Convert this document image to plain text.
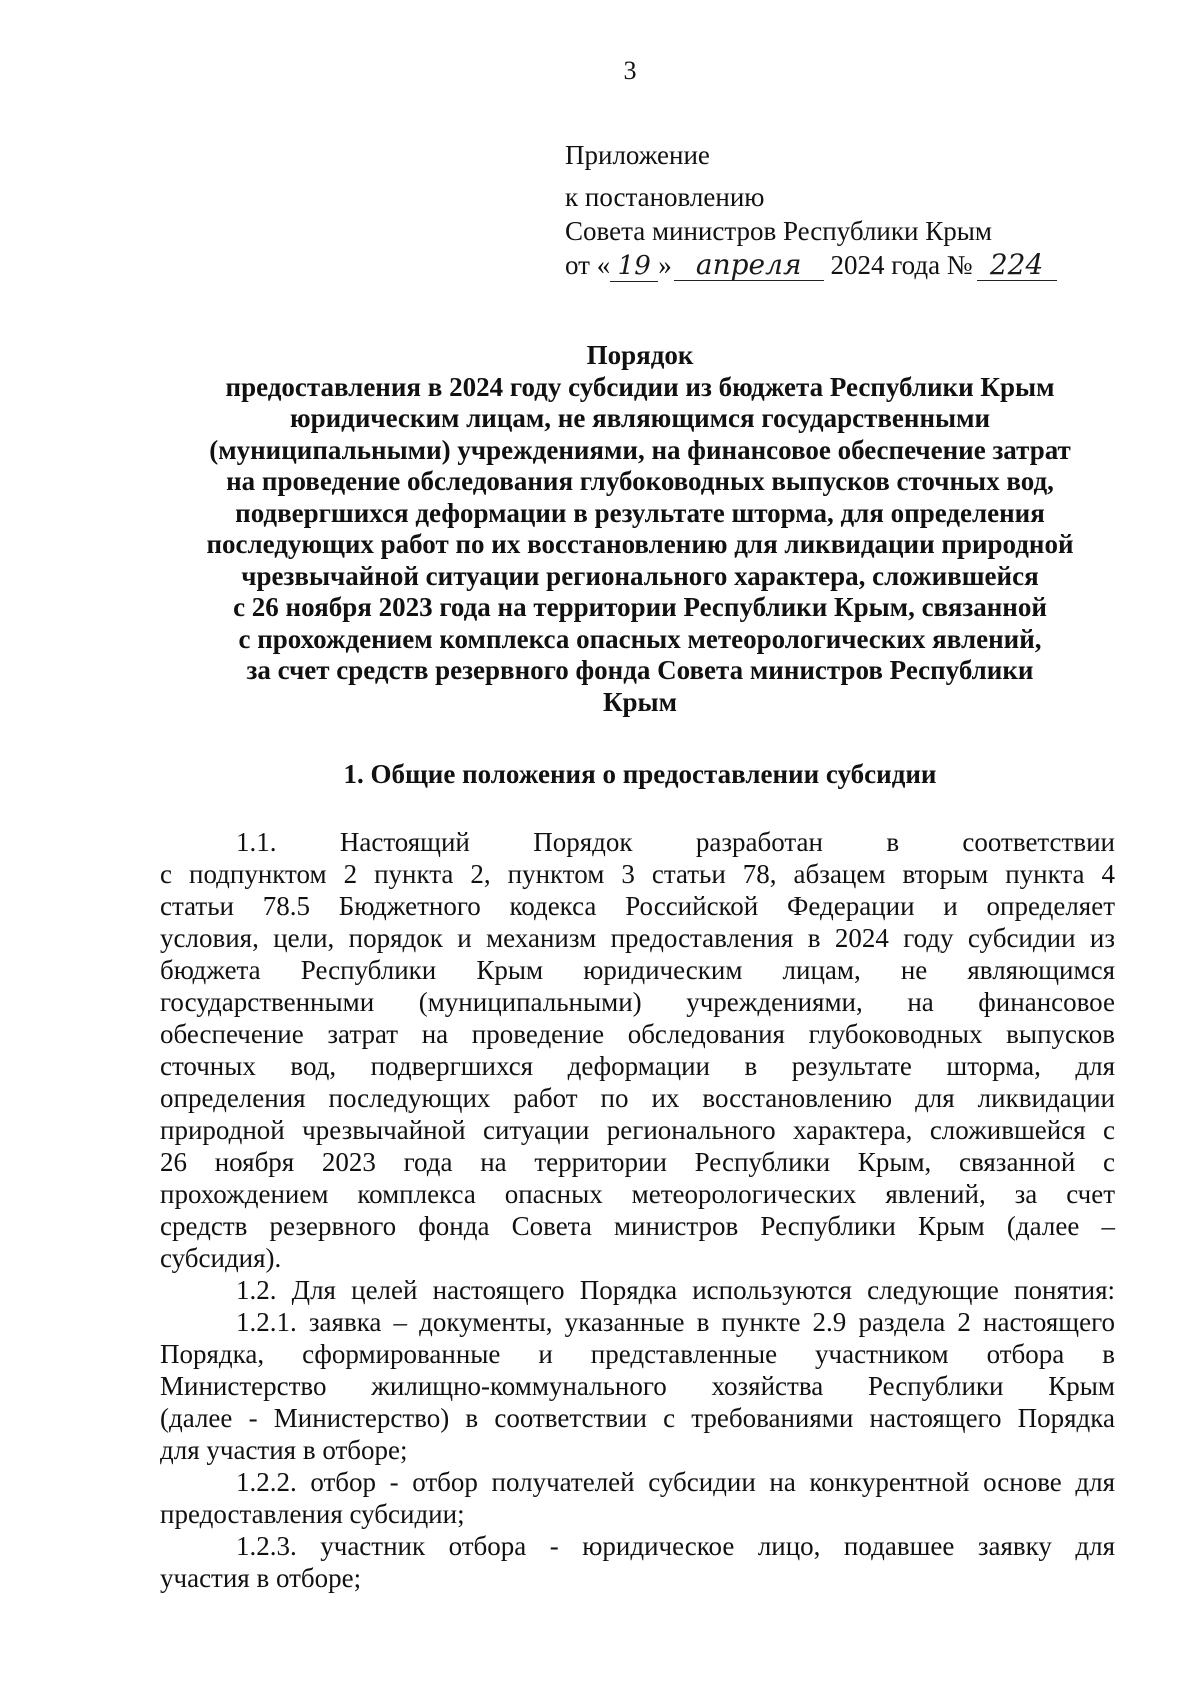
3
Приложение
к постановлению
Совета министров Республики Крым
от « 19 » апреля 2024 года № 224
Порядок
предоставления в 2024 году субсидии из бюджета Республики Крым
юридическим лицам, не являющимся государственными
(муниципальными) учреждениями, на финансовое обеспечение затрат
на проведение обследования глубоководных выпусков сточных вод,
подвергшихся деформации в результате шторма, для определения
последующих работ по их восстановлению для ликвидации природной
чрезвычайной ситуации регионального характера, сложившейся
с 26 ноября 2023 года на территории Республики Крым, связанной
с прохождением комплекса опасных метеорологических явлений,
за счет средств резервного фонда Совета министров Республики
Крым
1. Общие положения о предоставлении субсидии
1.1. Настоящий Порядок разработан в соответствии
с подпунктом 2 пункта 2, пунктом 3 статьи 78, абзацем вторым пункта 4
статьи 78.5 Бюджетного кодекса Российской Федерации и определяет
условия, цели, порядок и механизм предоставления в 2024 году субсидии из
бюджета Республики Крым юридическим лицам, не являющимся
государственными (муниципальными) учреждениями, на финансовое
обеспечение затрат на проведение обследования глубоководных выпусков
сточных вод, подвергшихся деформации в результате шторма, для
определения последующих работ по их восстановлению для ликвидации
природной чрезвычайной ситуации регионального характера, сложившейся с
26 ноября 2023 года на территории Республики Крым, связанной с
прохождением комплекса опасных метеорологических явлений, за счет
средств резервного фонда Совета министров Республики Крым (далее –
субсидия).
1.2. Для целей настоящего Порядка используются следующие понятия:
1.2.1. заявка – документы, указанные в пункте 2.9 раздела 2 настоящего
Порядка, сформированные и представленные участником отбора в
Министерство жилищно-коммунального хозяйства Республики Крым
(далее - Министерство) в соответствии с требованиями настоящего Порядка
для участия в отборе;
1.2.2. отбор - отбор получателей субсидии на конкурентной основе для
предоставления субсидии;
1.2.3. участник отбора - юридическое лицо, подавшее заявку для
участия в отборе;
